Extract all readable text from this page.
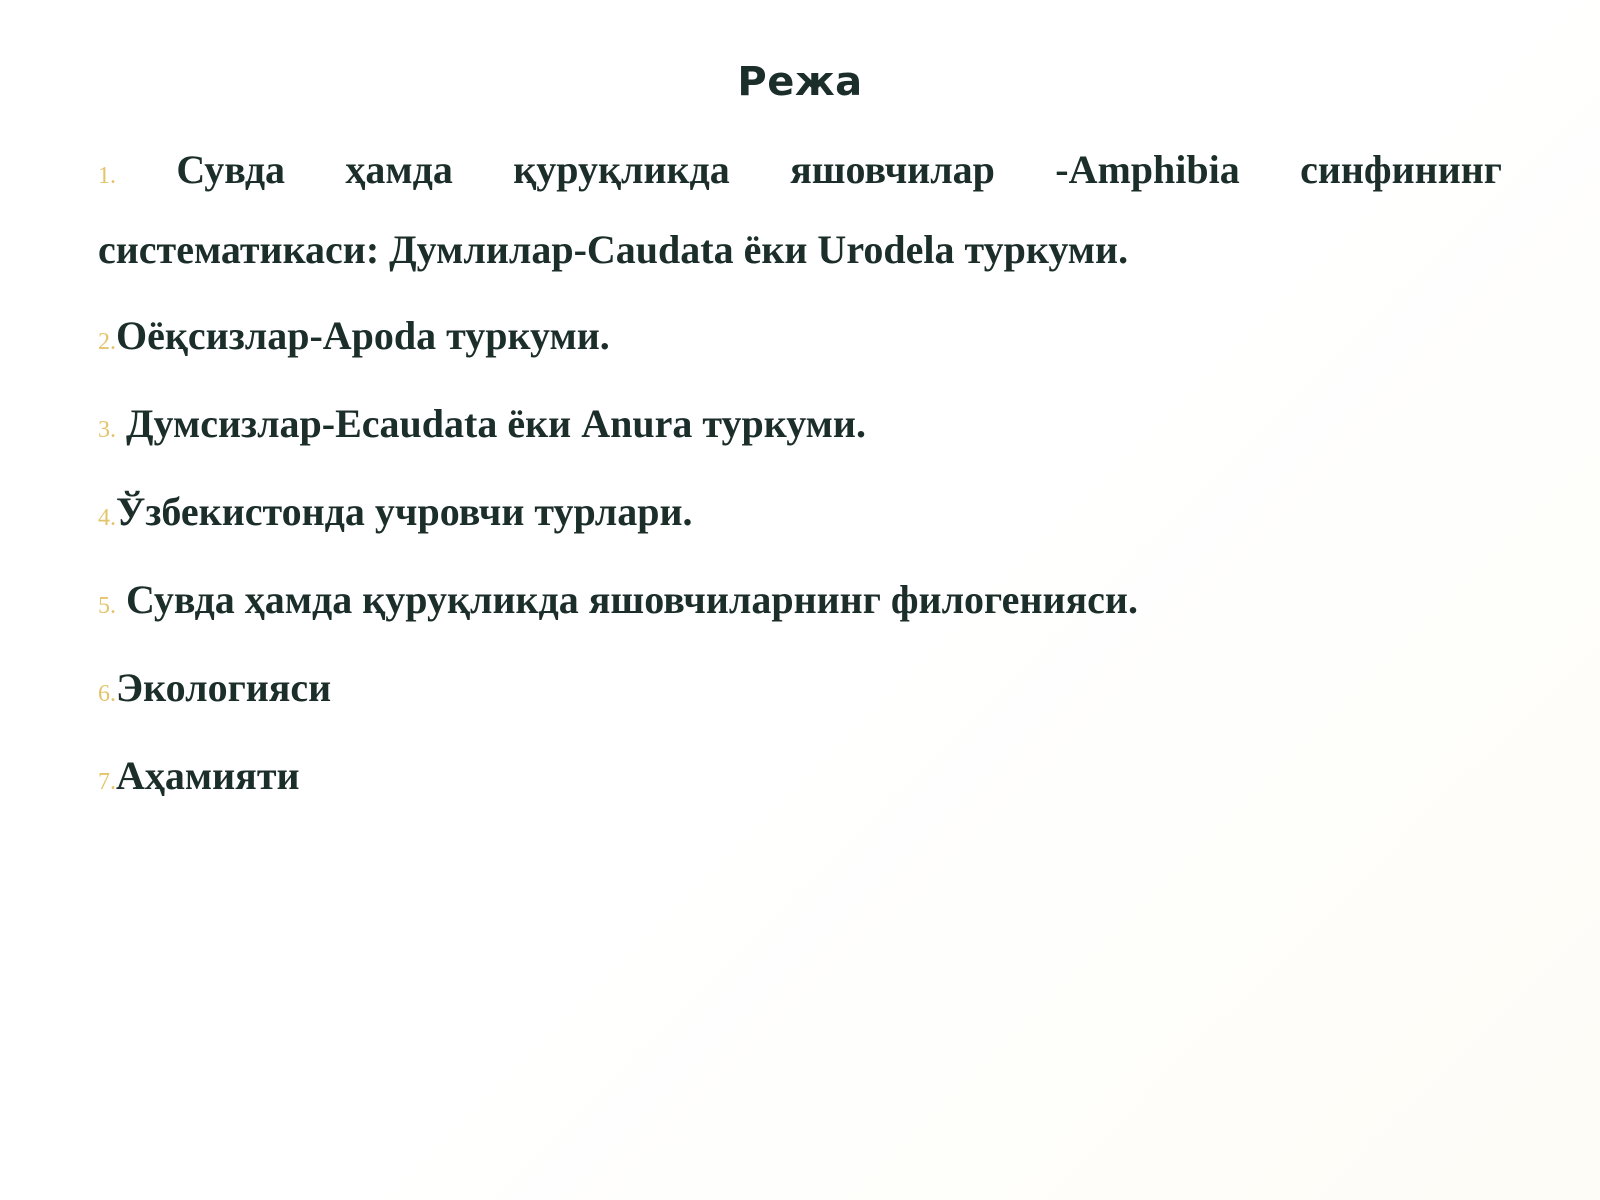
Режа
1. Сувда ҳамда қуруқликда яшовчилар -Amphibia синфининг
систематикаси: Думлилар-Caudata ёки Urodela туркуми.
2.Оёқсизлар-Apoda туркуми.
3. Думсизлар-Ecaudata ёки Anura туркуми.
4.Ўзбекистонда учровчи турлари.
5. Сувда ҳамда қуруқликда яшовчиларнинг филогенияси.
6.Экологияси
7.Аҳамияти
